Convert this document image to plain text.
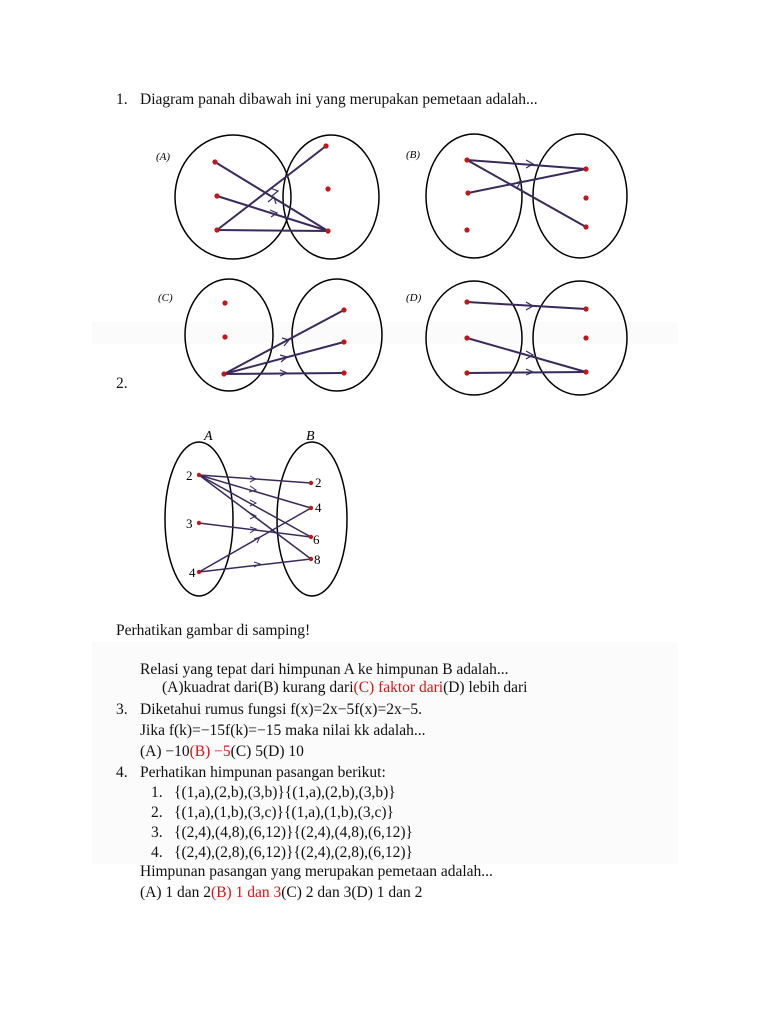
1. Diagram panah dibawah ini yang merupakan pemetaan adalah...
(A)	(B)
(C)	(D)
2.
A	B
2
3
4
2
4
6
8
Perhatikan gambar di samping!
Relasi yang tepat dari himpunan A ke himpunan B adalah...
(A)kuadrat dari(B) kurang dari(C) faktor dari(D) lebih dari
3. Diketahui rumus fungsi f(x)=2x−5f(x)=2x−5.
Jika f(k)=−15f(k)=−15 maka nilai kk adalah...
(A) −10(B) −5(C) 5(D) 10
4. Perhatikan himpunan pasangan berikut:
1. {(1,a),(2,b),(3,b)}{(1,a),(2,b),(3,b)}
2. {(1,a),(1,b),(3,c)}{(1,a),(1,b),(3,c)}
3. {(2,4),(4,8),(6,12)}{(2,4),(4,8),(6,12)}
4. {(2,4),(2,8),(6,12)}{(2,4),(2,8),(6,12)}
Himpunan pasangan yang merupakan pemetaan adalah...
(A) 1 dan 2(B) 1 dan 3(C) 2 dan 3(D) 1 dan 2
